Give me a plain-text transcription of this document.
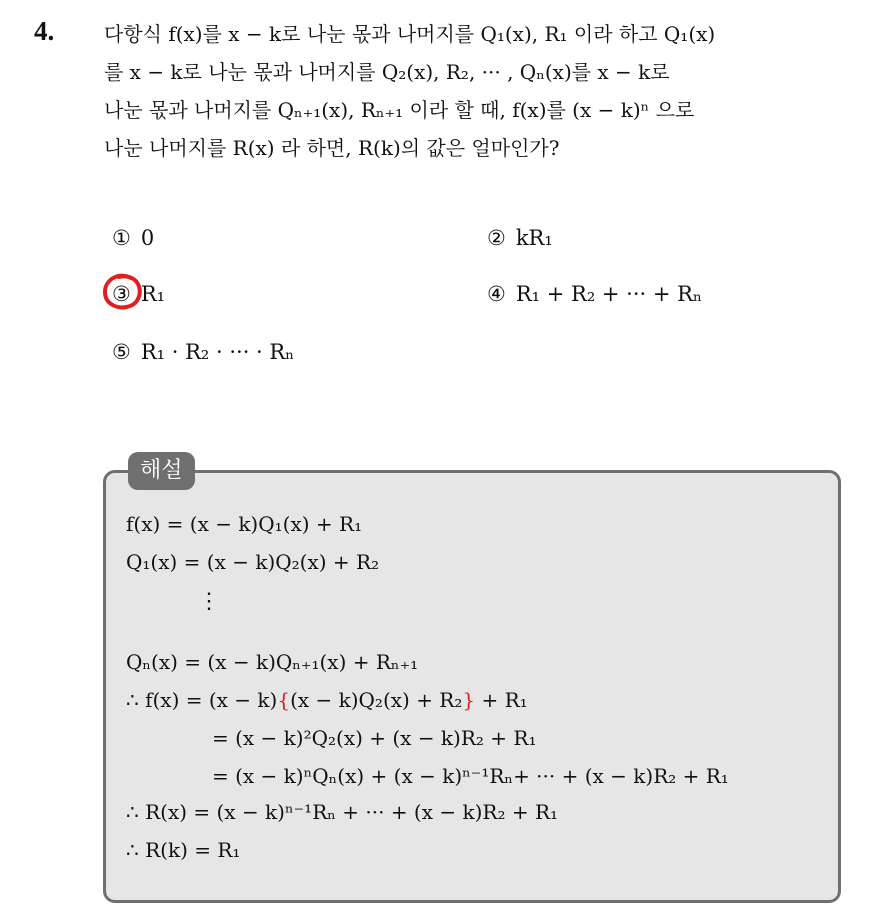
4. 다항식 f(x)를 x − k로 나눈 몫과 나머지를 Q₁(x), R₁ 이라 하고 Q₁(x)
를 x − k로 나눈 몫과 나머지를 Q₂(x), R₂, ··· , Qₙ(x)를 x − k로
나눈 몫과 나머지를 Qₙ₊₁(x), Rₙ₊₁ 이라 할 때, f(x)를 (x − k)ⁿ 으로
나눈 나머지를 R(x) 라 하면, R(k)의 값은 얼마인가?
① 0	② kR₁
③ R₁	④ R₁ + R₂ + ··· + Rₙ
⑤ R₁ · R₂ · ··· · Rₙ
해설
f(x) = (x − k)Q₁(x) + R₁
Q₁(x) = (x − k)Q₂(x) + R₂
⋮
Qₙ(x) = (x − k)Qₙ₊₁(x) + Rₙ₊₁
∴ f(x) = (x − k){(x − k)Q₂(x) + R₂} + R₁
= (x − k)²Q₂(x) + (x − k)R₂ + R₁
= (x − k)ⁿQₙ(x) + (x − k)ⁿ⁻¹Rₙ+ ··· + (x − k)R₂ + R₁
∴ R(x) = (x − k)ⁿ⁻¹Rₙ + ··· + (x − k)R₂ + R₁
∴ R(k) = R₁
